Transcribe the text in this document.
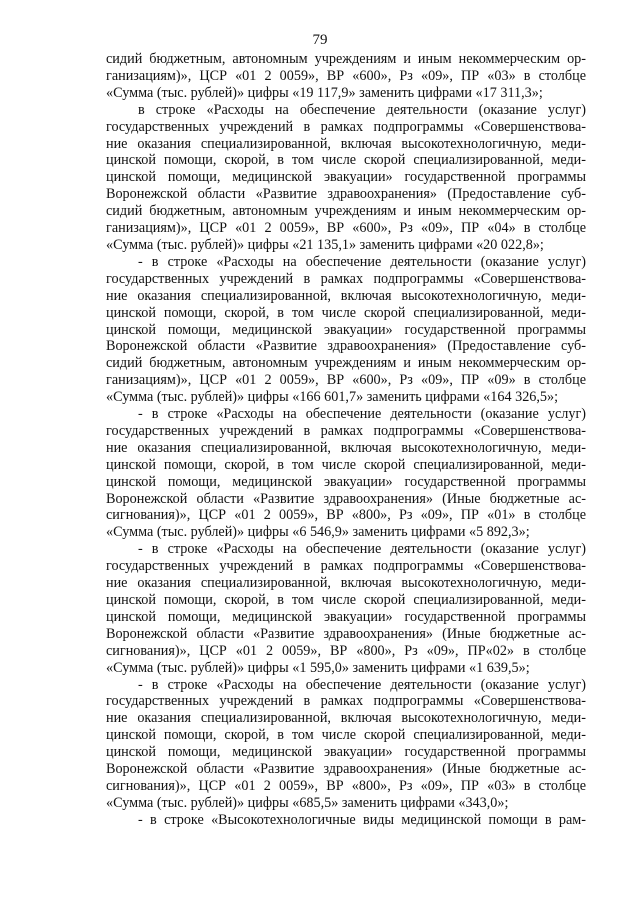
79
сидий бюджетным, автономным учреждениям и иным некоммерческим ор-
ганизациям)», ЦСР «01 2 0059», ВР «600», Рз «09», ПР «03» в столбце
«Сумма (тыс. рублей)» цифры «19 117,9» заменить цифрами «17 311,3»;
в строке «Расходы на обеспечение деятельности (оказание услуг)
государственных учреждений в рамках подпрограммы «Совершенствова-
ние оказания специализированной, включая высокотехнологичную, меди-
цинской помощи, скорой, в том числе скорой специализированной, меди-
цинской помощи, медицинской эвакуации» государственной программы
Воронежской области «Развитие здравоохранения» (Предоставление суб-
сидий бюджетным, автономным учреждениям и иным некоммерческим ор-
ганизациям)», ЦСР «01 2 0059», ВР «600», Рз «09», ПР «04» в столбце
«Сумма (тыс. рублей)» цифры «21 135,1» заменить цифрами «20 022,8»;
- в строке «Расходы на обеспечение деятельности (оказание услуг)
государственных учреждений в рамках подпрограммы «Совершенствова-
ние оказания специализированной, включая высокотехнологичную, меди-
цинской помощи, скорой, в том числе скорой специализированной, меди-
цинской помощи, медицинской эвакуации» государственной программы
Воронежской области «Развитие здравоохранения» (Предоставление суб-
сидий бюджетным, автономным учреждениям и иным некоммерческим ор-
ганизациям)», ЦСР «01 2 0059», ВР «600», Рз «09», ПР «09» в столбце
«Сумма (тыс. рублей)» цифры «166 601,7» заменить цифрами «164 326,5»;
- в строке «Расходы на обеспечение деятельности (оказание услуг)
государственных учреждений в рамках подпрограммы «Совершенствова-
ние оказания специализированной, включая высокотехнологичную, меди-
цинской помощи, скорой, в том числе скорой специализированной, меди-
цинской помощи, медицинской эвакуации» государственной программы
Воронежской области «Развитие здравоохранения» (Иные бюджетные ас-
сигнования)», ЦСР «01 2 0059», ВР «800», Рз «09», ПР «01» в столбце
«Сумма (тыс. рублей)» цифры «6 546,9» заменить цифрами «5 892,3»;
- в строке «Расходы на обеспечение деятельности (оказание услуг)
государственных учреждений в рамках подпрограммы «Совершенствова-
ние оказания специализированной, включая высокотехнологичную, меди-
цинской помощи, скорой, в том числе скорой специализированной, меди-
цинской помощи, медицинской эвакуации» государственной программы
Воронежской области «Развитие здравоохранения» (Иные бюджетные ас-
сигнования)», ЦСР «01 2 0059», ВР «800», Рз «09», ПР«02» в столбце
«Сумма (тыс. рублей)» цифры «1 595,0» заменить цифрами «1 639,5»;
- в строке «Расходы на обеспечение деятельности (оказание услуг)
государственных учреждений в рамках подпрограммы «Совершенствова-
ние оказания специализированной, включая высокотехнологичную, меди-
цинской помощи, скорой, в том числе скорой специализированной, меди-
цинской помощи, медицинской эвакуации» государственной программы
Воронежской области «Развитие здравоохранения» (Иные бюджетные ас-
сигнования)», ЦСР «01 2 0059», ВР «800», Рз «09», ПР «03» в столбце
«Сумма (тыс. рублей)» цифры «685,5» заменить цифрами «343,0»;
- в строке «Высокотехнологичные виды медицинской помощи в рам-
